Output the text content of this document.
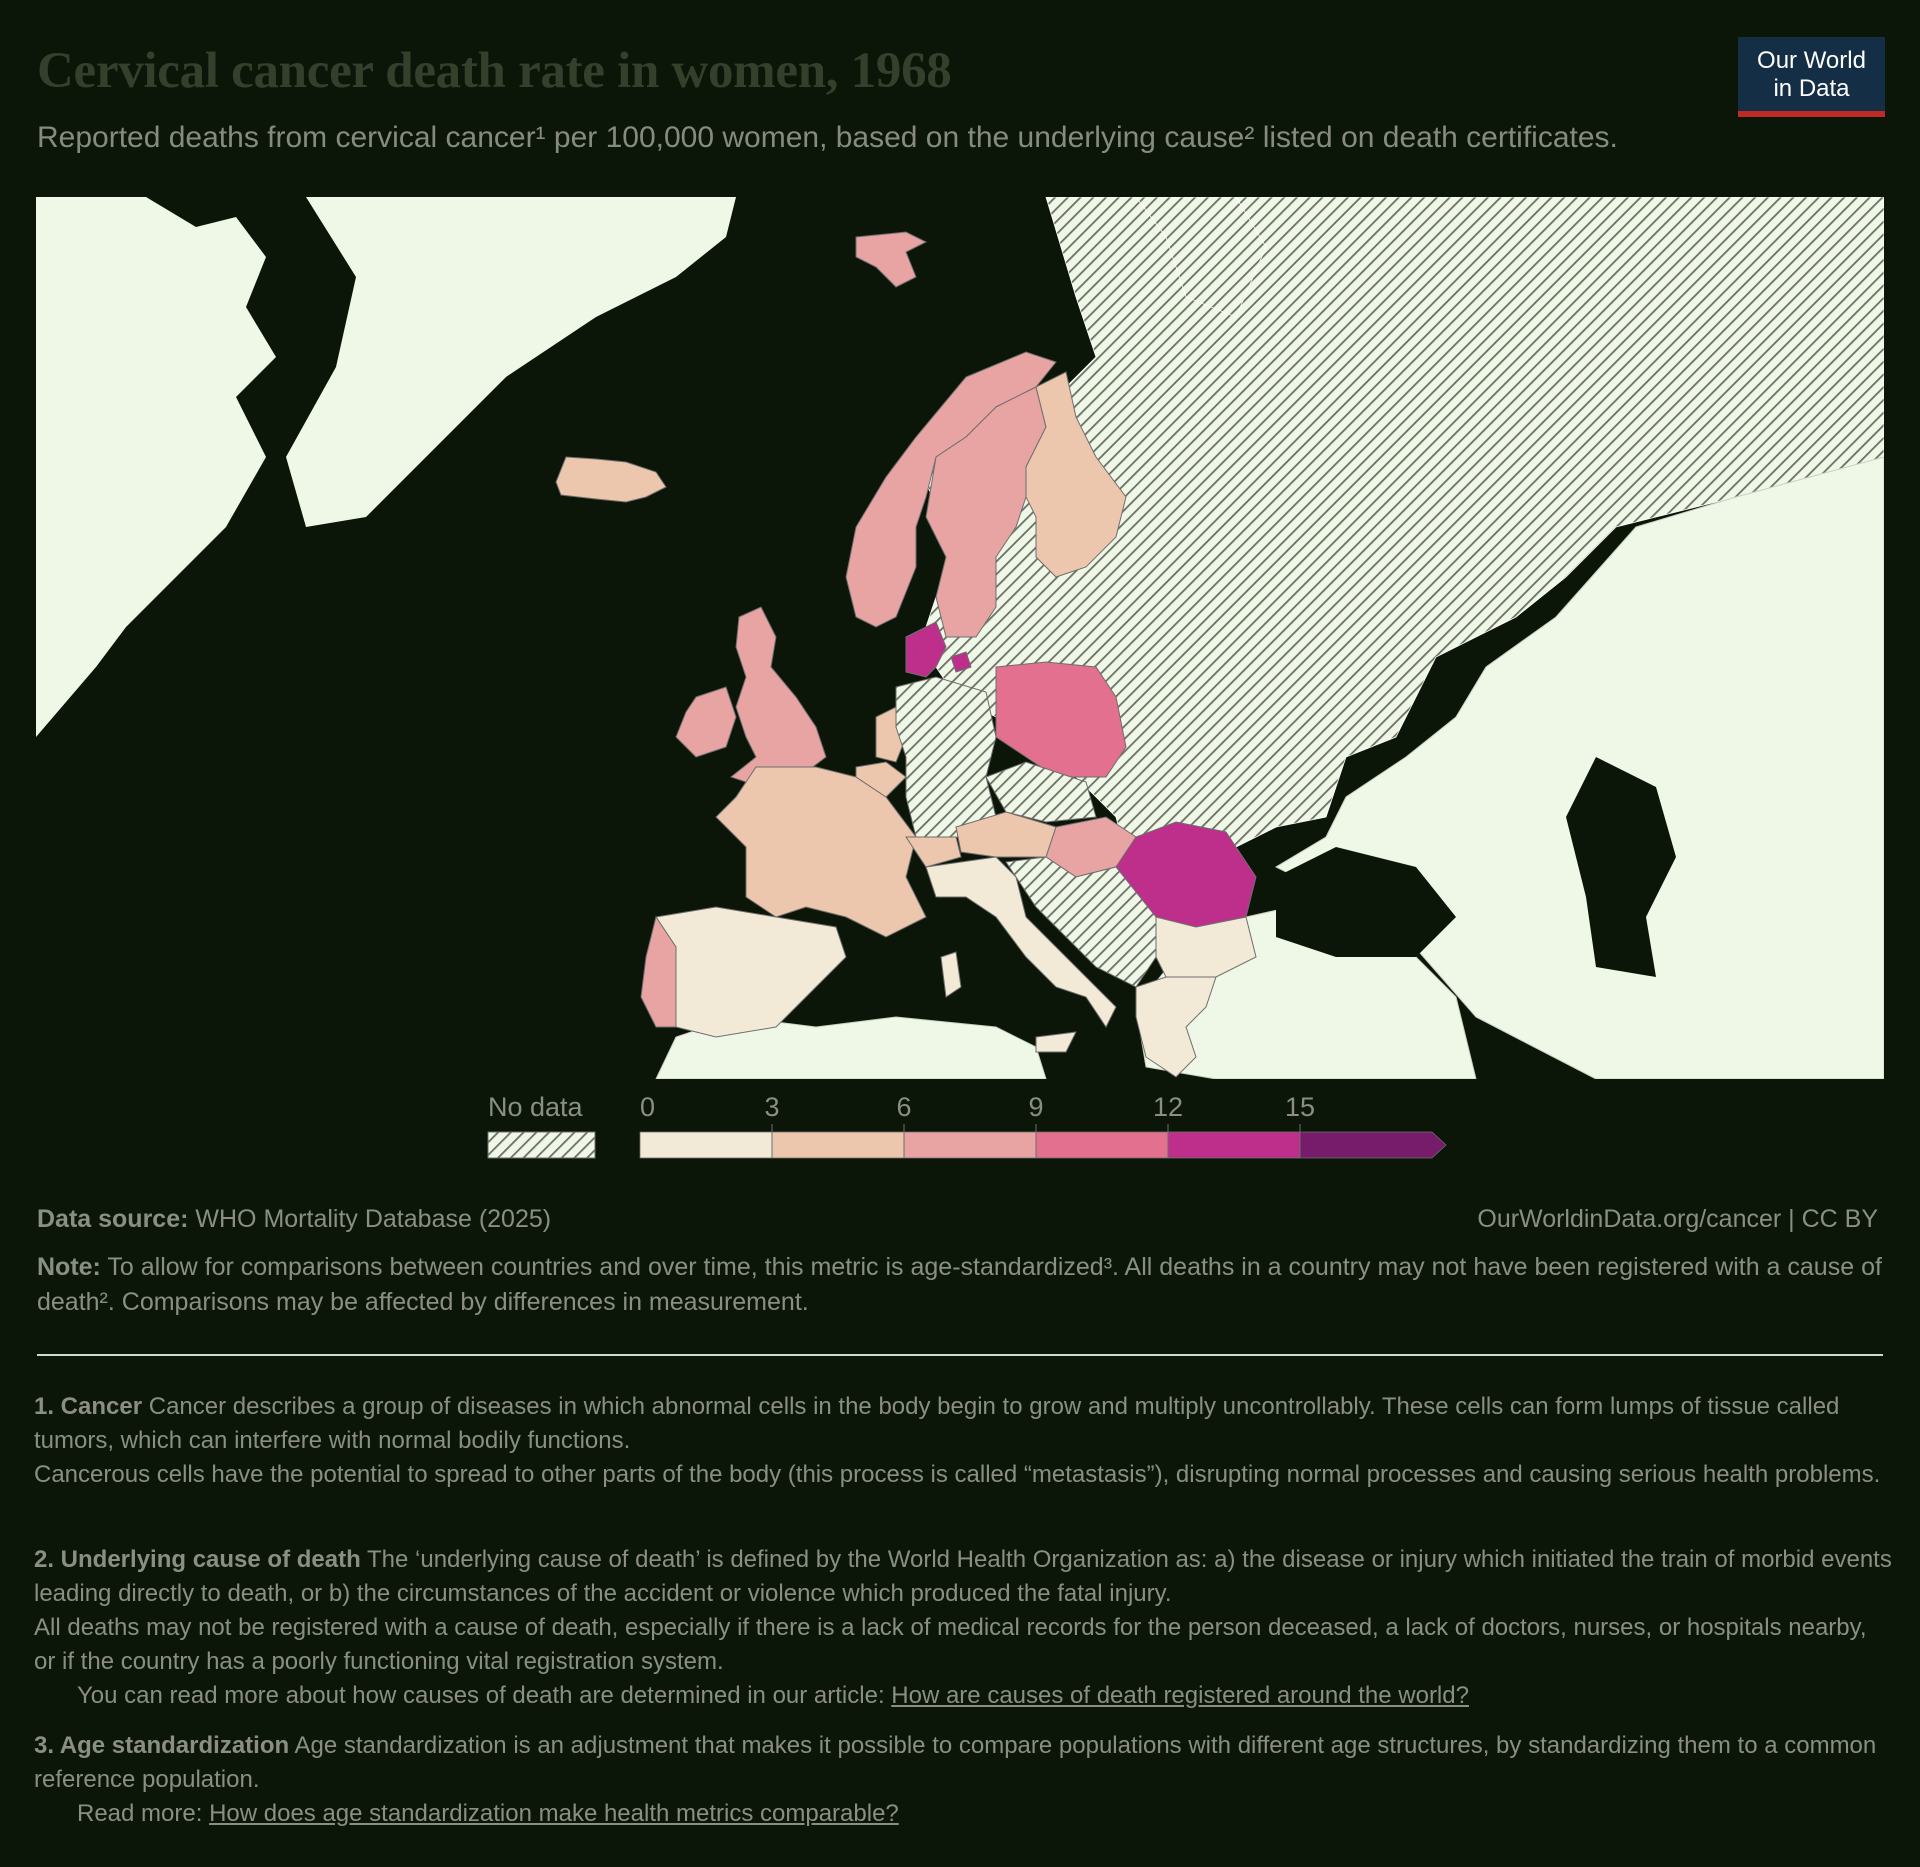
Cervical cancer death rate in women, 1968

Reported deaths from cervical cancer¹ per 100,000 women, based on the underlying cause² listed on death certificates.

Our World
in Data
No data 0	3	6	9	12	15
Data source: WHO Mortality Database (2025)	OurWorldinData.org/cancer | CC BY
Note: To allow for comparisons between countries and over time, this metric is age-standardized³. All deaths in a country may not have been registered with a cause of death². Comparisons may be affected by differences in measurement.
1. Cancer Cancer describes a group of diseases in which abnormal cells in the body begin to grow and multiply uncontrollably. These cells can form lumps of tissue called tumors, which can interfere with normal bodily functions.
Cancerous cells have the potential to spread to other parts of the body (this process is called “metastasis”), disrupting normal processes and causing serious health problems.
2. Underlying cause of death The ‘underlying cause of death’ is defined by the World Health Organization as: a) the disease or injury which initiated the train of morbid events leading directly to death, or b) the circumstances of the accident or violence which produced the fatal injury.
All deaths may not be registered with a cause of death, especially if there is a lack of medical records for the person deceased, a lack of doctors, nurses, or hospitals nearby, or if the country has a poorly functioning vital registration system.
You can read more about how causes of death are determined in our article: How are causes of death registered around the world?
3. Age standardization Age standardization is an adjustment that makes it possible to compare populations with different age structures, by standardizing them to a common reference population.
Read more: How does age standardization make health metrics comparable?
